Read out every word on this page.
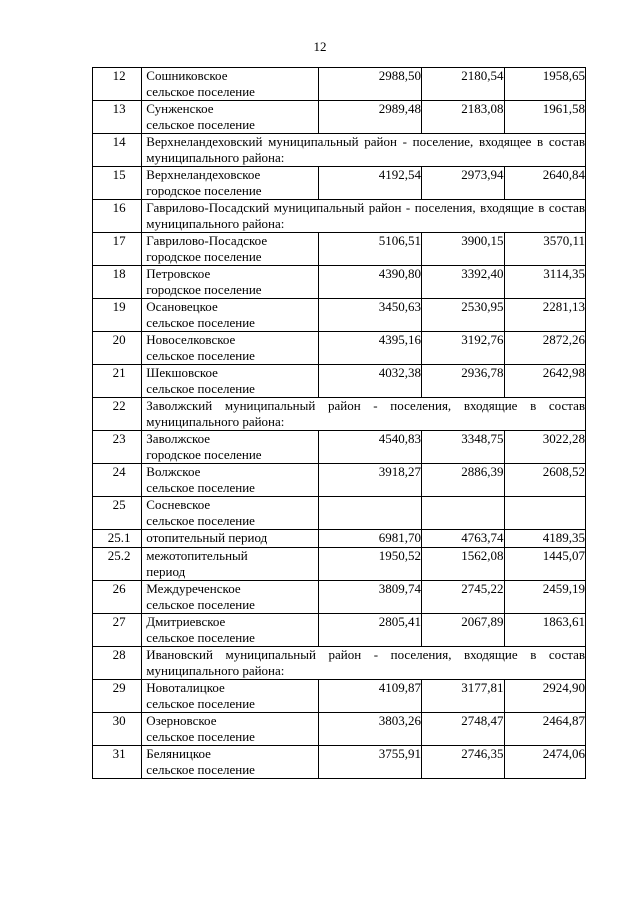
12
12	Сошниковское
сельское поселение	2988,50	2180,54	1958,65
13	Сунженское
сельское поселение	2989,48	2183,08	1961,58
14	Верхнеландеховский муниципальный район - поселение, входящее в состав муниципального района:			
15	Верхнеландеховское
городское поселение	4192,54	2973,94	2640,84
16	Гаврилово-Посадский муниципальный район - поселения, входящие в состав муниципального района:			
17	Гаврилово-Посадское
городское поселение	5106,51	3900,15	3570,11
18	Петровское
городское поселение	4390,80	3392,40	3114,35
19	Осановецкое
сельское поселение	3450,63	2530,95	2281,13
20	Новоселковское
сельское поселение	4395,16	3192,76	2872,26
21	Шекшовское
сельское поселение	4032,38	2936,78	2642,98
22	Заволжский муниципальный район - поселения, входящие в состав муниципального района:			
23	Заволжское
городское поселение	4540,83	3348,75	3022,28
24	Волжское
сельское поселение	3918,27	2886,39	2608,52
25	Сосневское
сельское поселение			

25.1	отопительный период	6981,70	4763,74	4189,35
25.2	межотопительный
период	1950,52	1562,08	1445,07
26	Междуреченское
сельское поселение	3809,74	2745,22	2459,19
27	Дмитриевское
сельское поселение	2805,41	2067,89	1863,61
28	Ивановский муниципальный район - поселения, входящие в состав муниципального района:			
29	Новоталицкое
сельское поселение	4109,87	3177,81	2924,90
30	Озерновское
сельское поселение	3803,26	2748,47	2464,87
31	Беляницкое
сельское поселение	3755,91	2746,35	2474,06
